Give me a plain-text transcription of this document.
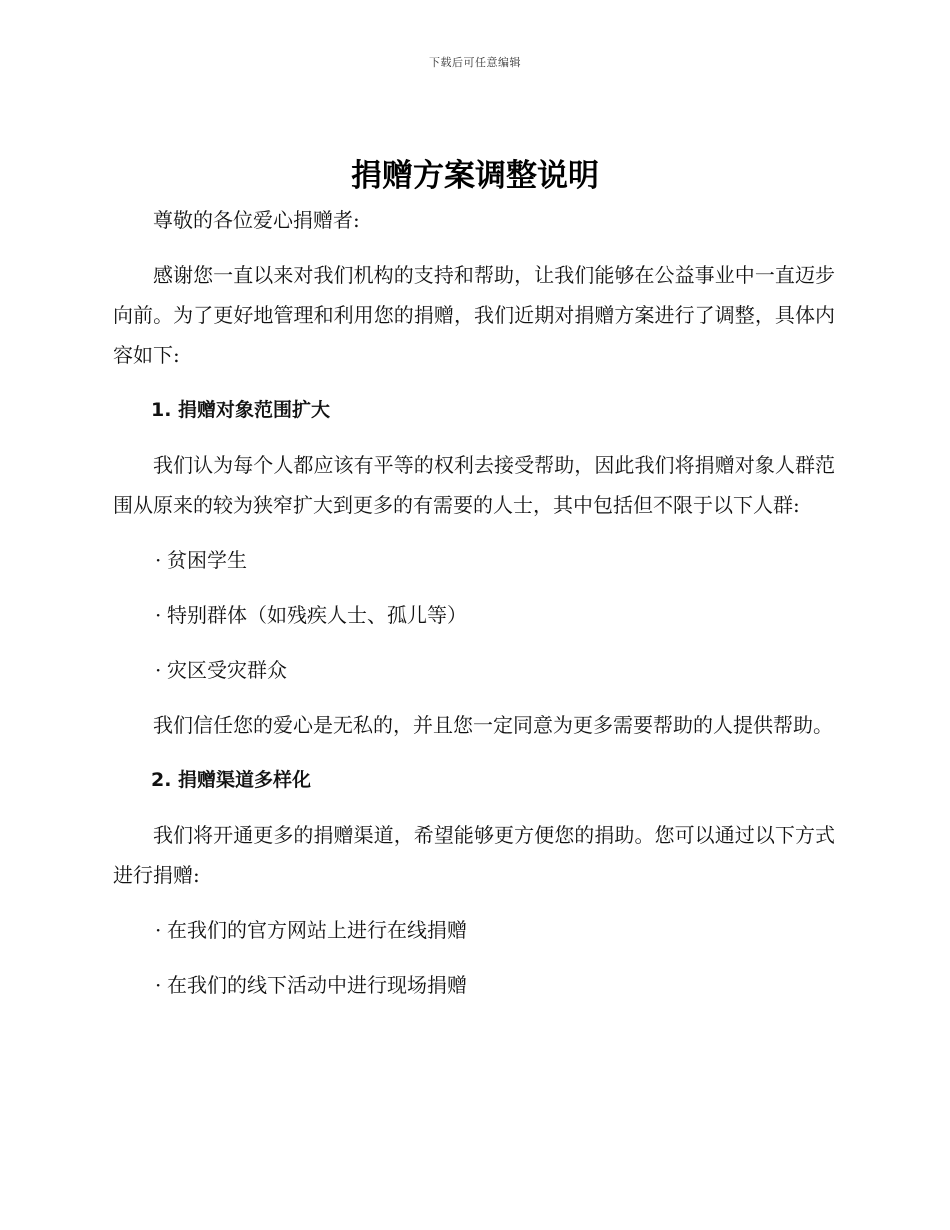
下载后可任意编辑
捐赠方案调整说明

尊敬的各位爱心捐赠者:

感谢您一直以来对我们机构的支持和帮助，让我们能够在公益事业中一直迈步向前。为了更好地管理和利用您的捐赠，我们近期对捐赠方案进行了调整，具体内容如下:

1. 捐赠对象范围扩大

我们认为每个人都应该有平等的权利去接受帮助，因此我们将捐赠对象人群范围从原来的较为狭窄扩大到更多的有需要的人士，其中包括但不限于以下人群:

· 贫困学生

· 特别群体（如残疾人士、孤儿等）

· 灾区受灾群众

我们信任您的爱心是无私的，并且您一定同意为更多需要帮助的人提供帮助。

2. 捐赠渠道多样化

我们将开通更多的捐赠渠道，希望能够更方便您的捐助。您可以通过以下方式进行捐赠:

· 在我们的官方网站上进行在线捐赠

· 在我们的线下活动中进行现场捐赠
